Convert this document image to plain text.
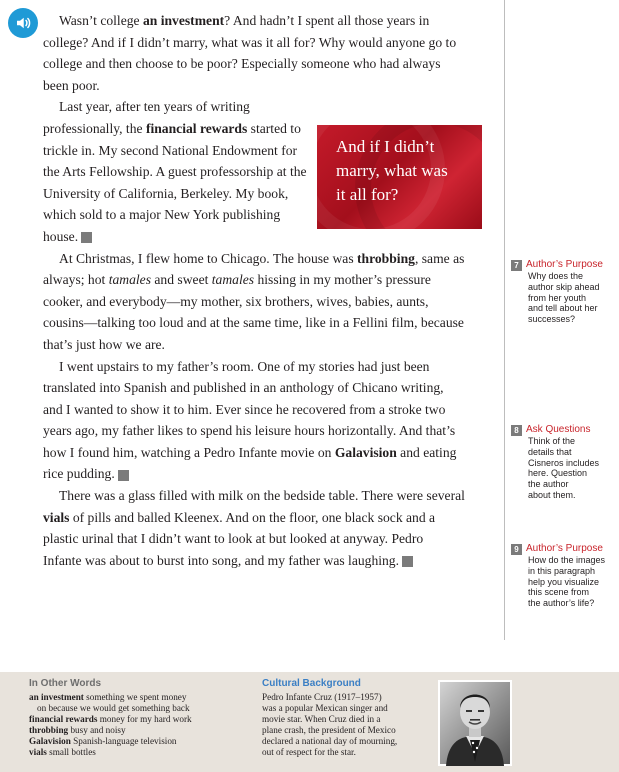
Wasn’t college an investment? And hadn’t I spent all those years in college? And if I didn’t marry, what was it all for? Why would anyone go to college and then choose to be poor? Especially someone who had always been poor.

Last year, after ten years of writing professionally, the financial rewards started to trickle in. My second National Endowment for the Arts Fellowship. A guest professorship at the University of California, Berkeley. My book, which sold to a major New York publishing house. 7

At Christmas, I flew home to Chicago. The house was throbbing, same as always; hot tamales and sweet tamales hissing in my mother’s pressure cooker, and everybody—my mother, six brothers, wives, babies, aunts, cousins—talking too loud and at the same time, like in a Fellini film, because that’s just how we are.

I went upstairs to my father’s room. One of my stories had just been translated into Spanish and published in an anthology of Chicano writing, and I wanted to show it to him. Ever since he recovered from a stroke two years ago, my father likes to spend his leisure hours horizontally. And that’s how I found him, watching a Pedro Infante movie on Galavision and eating rice pudding. 8

There was a glass filled with milk on the bedside table. There were several vials of pills and balled Kleenex. And on the floor, one black sock and a plastic urinal that I didn’t want to look at but looked at anyway. Pedro Infante was about to burst into song, and my father was laughing. 9

And if I didn’t
marry, what was
it all for?
7 Author’s Purpose
Why does the
author skip ahead
from her youth
and tell about her
successes?
8 Ask Questions
Think of the
details that
Cisneros includes
here. Question
the author
about them.
9 Author’s Purpose
How do the images
in this paragraph
help you visualize
this scene from
the author’s life?
In Other Words
an investment something we spent money
on because we would get something back
financial rewards money for my hard work
throbbing busy and noisy
Galavision Spanish-language television
vials small bottles
Cultural Background
Pedro Infante Cruz (1917–1957)
was a popular Mexican singer and
movie star. When Cruz died in a
plane crash, the president of Mexico
declared a national day of mourning,
out of respect for the star.
